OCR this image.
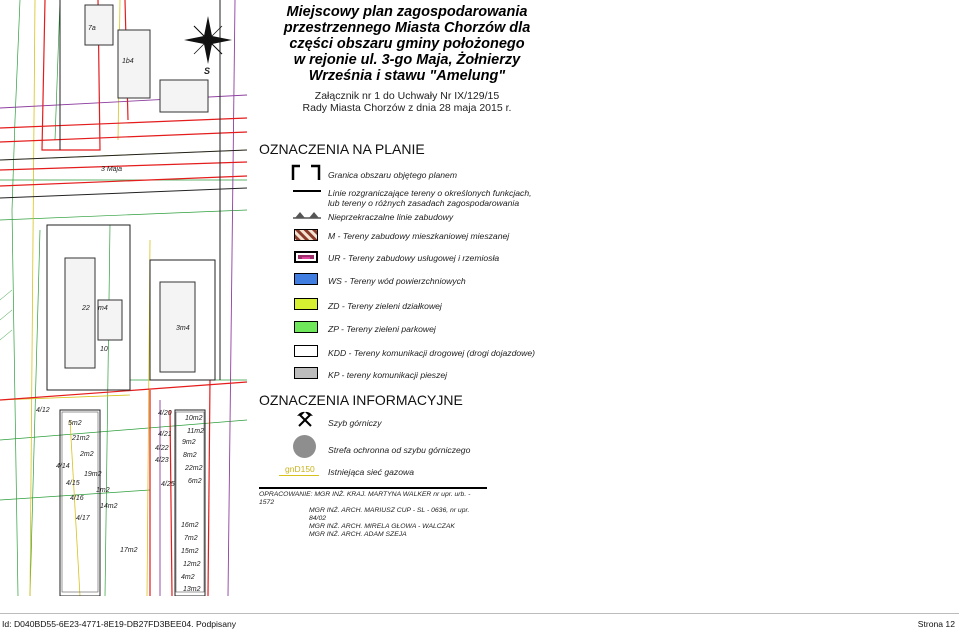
S
3 Maja
1b4
7a
22 m4
3m4
10
5m2
21m2
2m2
19m2
1m2
14m2
17m2
10m2
11m2
9m2
8m2
22m2
6m2
16m2
7m2
15m2
12m2
4m2
13m2
4/20
4/21
4/22
4/23
4/25
4/12
4/14
4/15
4/16
4/17
Miejscowy plan zagospodarowania
przestrzennego Miasta Chorzów dla
części obszaru gminy położonego
w rejonie ul. 3-go Maja, Żołnierzy
Września i stawu "Amelung"
Załącznik nr 1 do Uchwały Nr IX/129/15
Rady Miasta Chorzów z dnia 28 maja 2015 r.
OZNACZENIA NA PLANIE
Granica obszaru objętego planem
Linie rozgraniczające tereny o określonych funkcjach,
lub tereny o różnych zasadach zagospodarowania
Nieprzekraczalne linie zabudowy
M - Tereny zabudowy mieszkaniowej mieszanej
UR - Tereny zabudowy usługowej i rzemiosła
WS - Tereny wód powierzchniowych
ZD - Tereny zieleni działkowej
ZP - Tereny zieleni parkowej
KDD - Tereny komunikacji drogowej (drogi dojazdowe)
KP - tereny komunikacji pieszej
OZNACZENIA INFORMACYJNE
Szyb górniczy
Strefa ochronna od szybu górniczego
gnD150 Istniejąca sieć gazowa
OPRACOWANIE: MGR INŻ. KRAJ. MARTYNA WALKER nr upr. urb. - 1572
MGR INŻ. ARCH. MARIUSZ CUP - SL - 0636, nr upr. 84/02
MGR INŻ. ARCH. MIRELA GŁOWA - WALCZAK
MGR INŻ. ARCH. ADAM SZEJA
Id: D040BD55-6E23-4771-8E19-DB27FD3BEE04. Podpisany	Strona 12
